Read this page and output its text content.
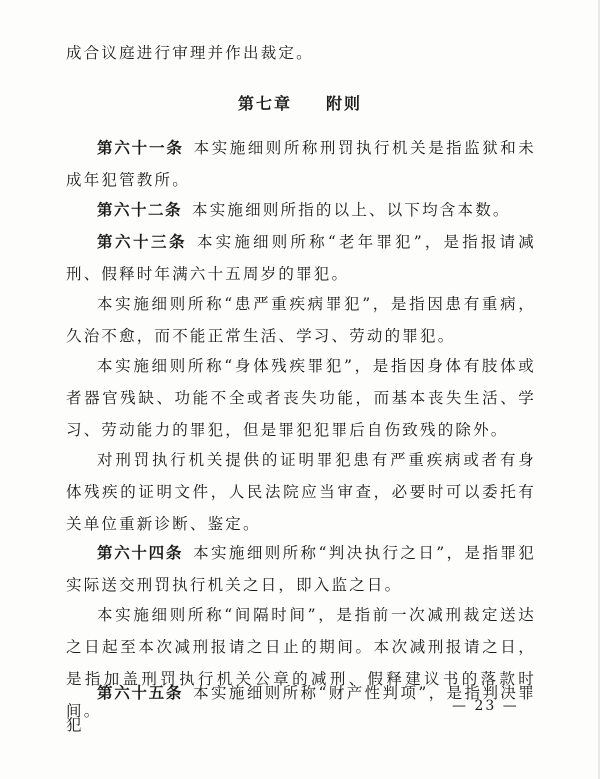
成合议庭进行审理并作出裁定。

第七章 附则

第六十一条 本实施细则所称刑罚执行机关是指监狱和未成年犯管教所。

第六十二条 本实施细则所指的以上、以下均含本数。

第六十三条 本实施细则所称“老年罪犯”，是指报请减刑、假释时年满六十五周岁的罪犯。

本实施细则所称“患严重疾病罪犯”，是指因患有重病，久治不愈，而不能正常生活、学习、劳动的罪犯。

本实施细则所称“身体残疾罪犯”，是指因身体有肢体或者器官残缺、功能不全或者丧失功能，而基本丧失生活、学习、劳动能力的罪犯，但是罪犯犯罪后自伤致残的除外。

对刑罚执行机关提供的证明罪犯患有严重疾病或者有身体残疾的证明文件，人民法院应当审查，必要时可以委托有关单位重新诊断、鉴定。

第六十四条 本实施细则所称“判决执行之日”，是指罪犯实际送交刑罚执行机关之日，即入监之日。

本实施细则所称“间隔时间”，是指前一次减刑裁定送达之日起至本次减刑报请之日止的期间。本次减刑报请之日，是指加盖刑罚执行机关公章的减刑、假释建议书的落款时间。

第六十五条 本实施细则所称“财产性判项”，是指判决罪犯

— 23 —
